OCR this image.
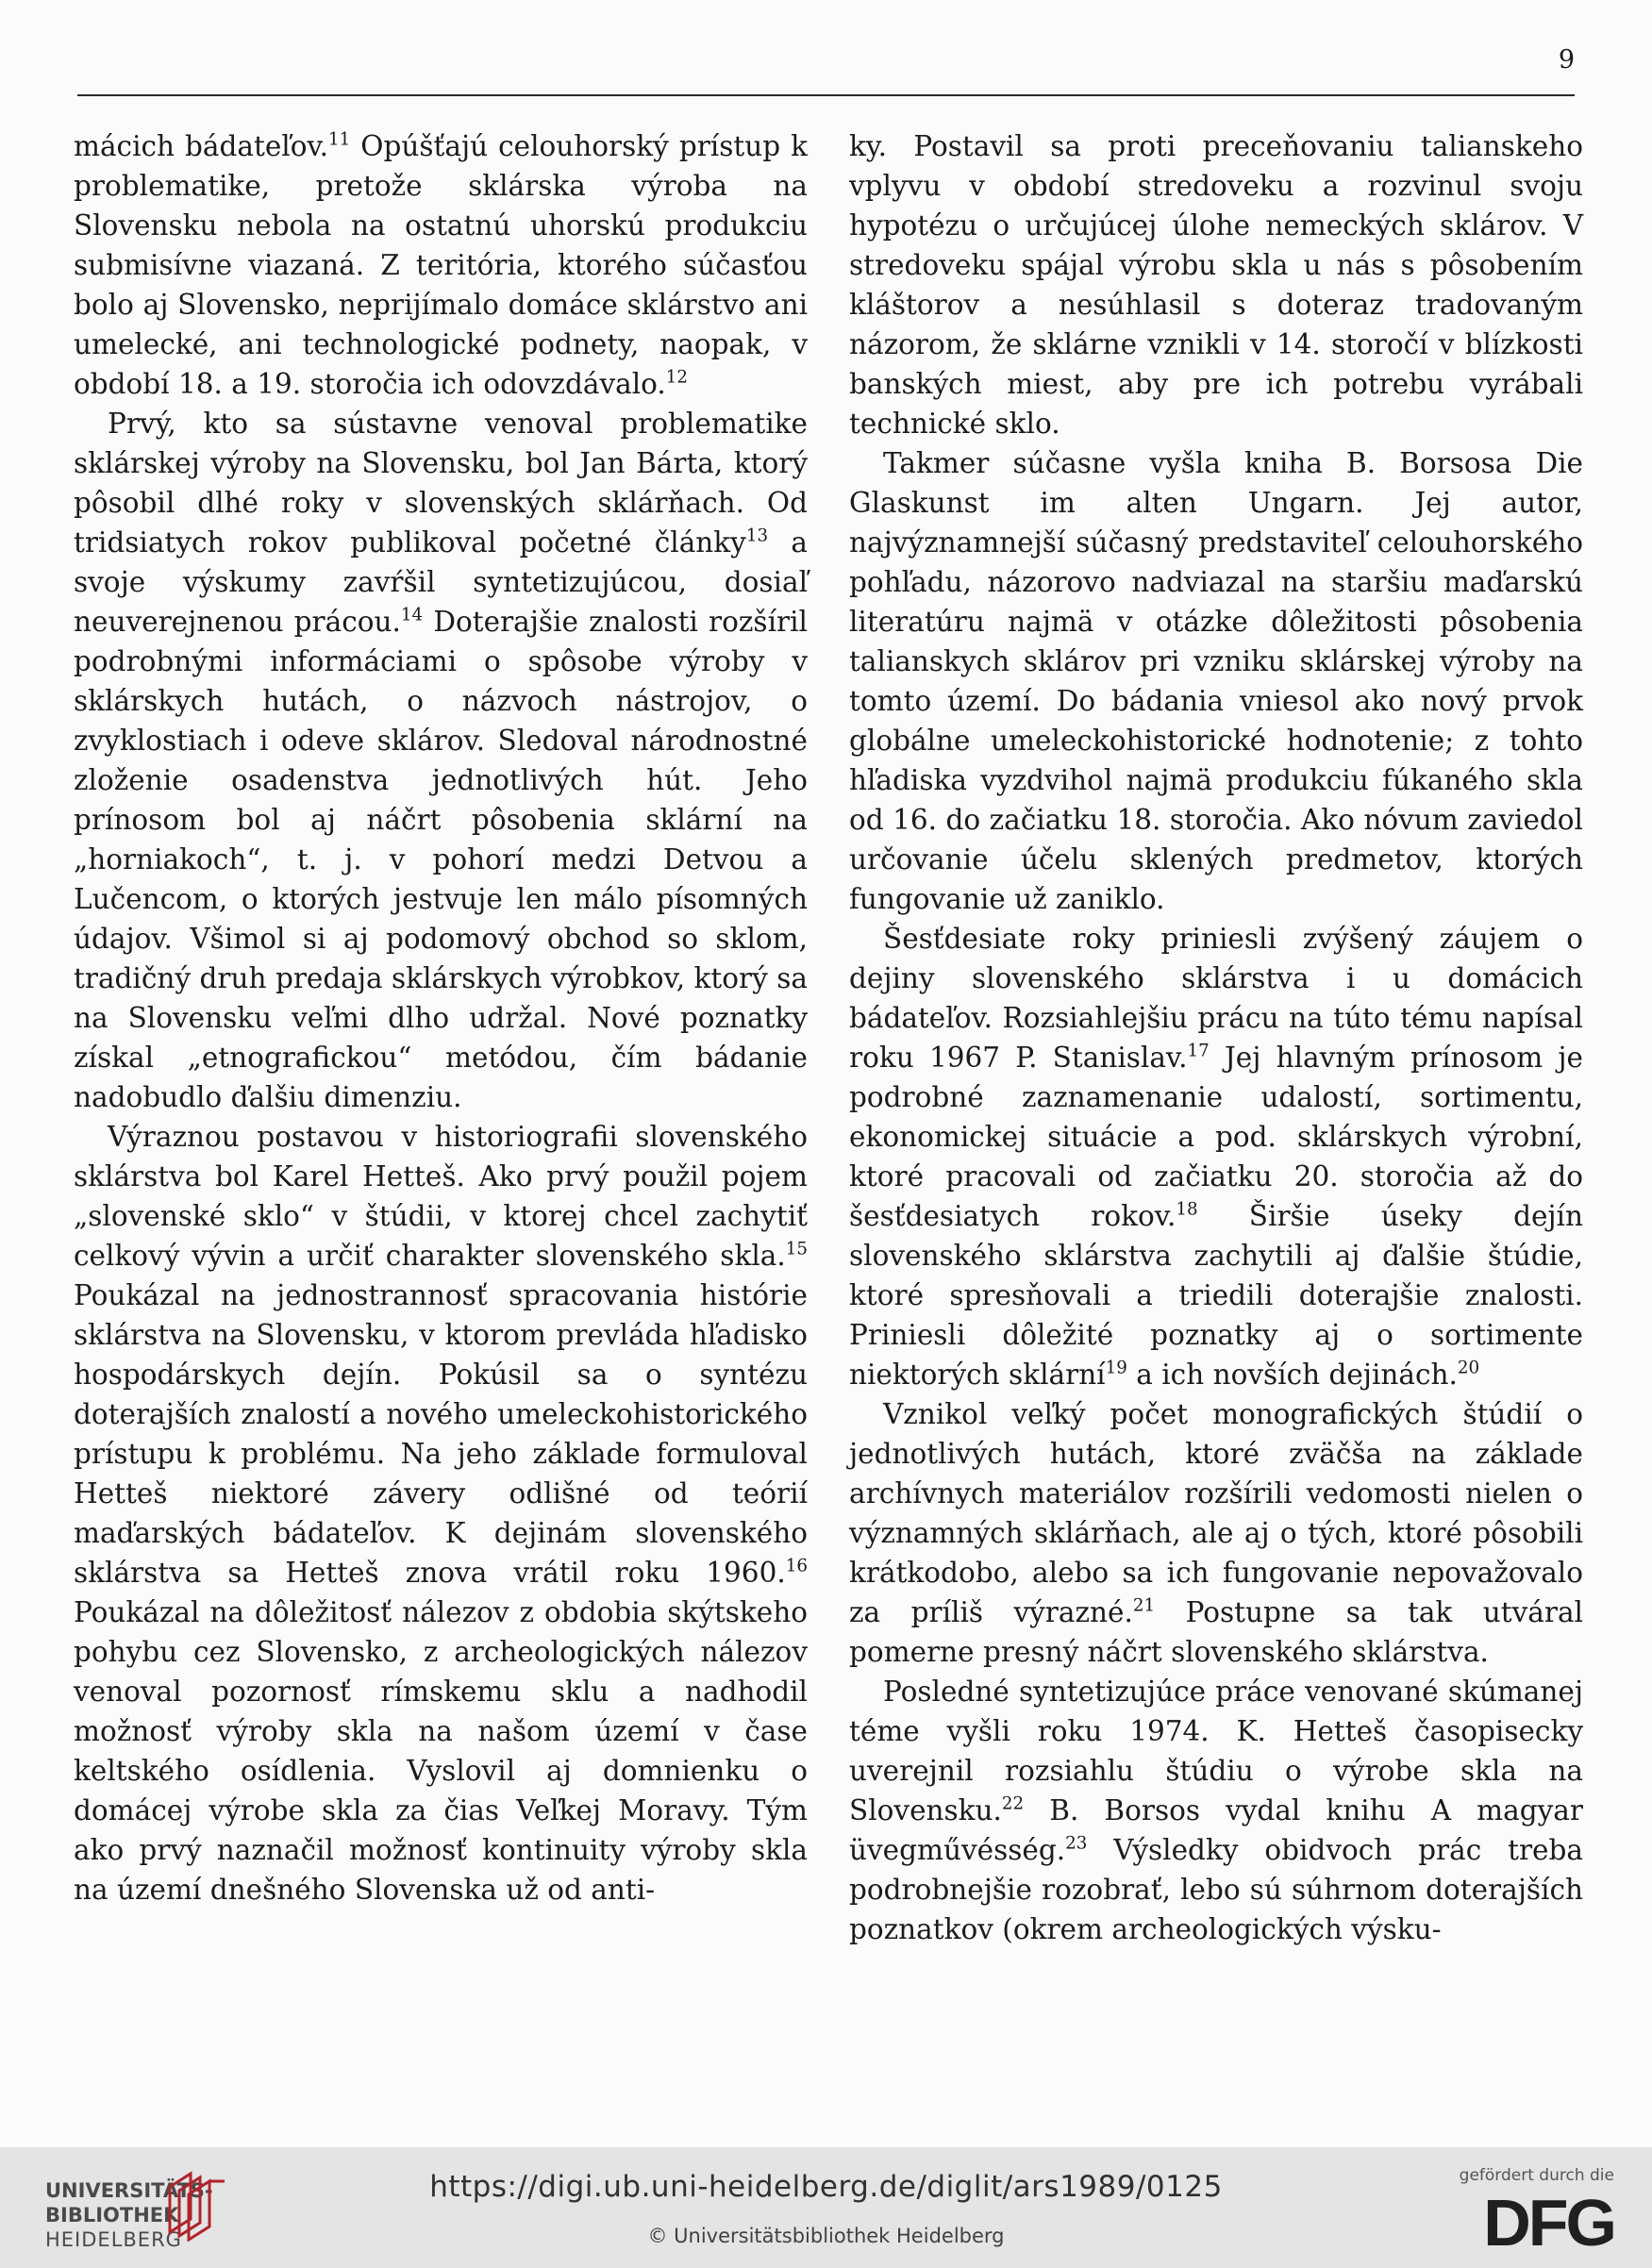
9

mácich bádateľov.$^{11}$ Opúšťajú celouhorský prístup k problematike, pretože sklárska výroba na Slovensku nebola na ostatnú uhorskú produkciu submisívne viazaná. Z teritória, ktorého súčasťou bolo aj Slovensko, neprijímalo domáce sklárstvo ani umelecké, ani technologické podnety, naopak, v období 18. a 19. storočia ich odovzdávalo.$^{12}$

Prvý, kto sa sústavne venoval problematike sklárskej výroby na Slovensku, bol Jan Bárta, ktorý pôsobil dlhé roky v slovenských sklárňach. Od tridsiatych rokov publikoval početné články$^{13}$ a svoje výskumy zavŕšil syntetizujúcou, dosiaľ neuverejnenou prácou.$^{14}$ Doterajšie znalosti rozšíril podrobnými informáciami o spôsobe výroby v sklárskych hutách, o názvoch nástrojov, o zvyklostiach i odeve sklárov. Sledoval národnostné zloženie osadenstva jednotlivých hút. Jeho prínosom bol aj náčrt pôsobenia sklární na „horniakoch“, t. j. v pohorí medzi Detvou a Lučencom, o ktorých jestvuje len málo písomných údajov. Všimol si aj podomový obchod so sklom, tradičný druh predaja sklárskych výrobkov, ktorý sa na Slovensku veľmi dlho udržal. Nové poznatky získal „etnografickou“ metódou, čím bádanie nadobudlo ďalšiu dimenziu.

Výraznou postavou v historiografii slovenského sklárstva bol Karel Hetteš. Ako prvý použil pojem „slovenské sklo“ v štúdii, v ktorej chcel zachytiť celkový vývin a určiť charakter slovenského skla.$^{15}$ Poukázal na jednostrannosť spracovania histórie sklárstva na Slovensku, v ktorom prevláda hľadisko hospodárskych dejín. Pokúsil sa o syntézu doterajších znalostí a nového umeleckohistorického prístupu k problému. Na jeho základe formuloval Hetteš niektoré závery odlišné od teórií maďarských bádateľov. K dejinám slovenského sklárstva sa Hetteš znova vrátil roku 1960.16 Poukázal na dôležitosť nálezov z obdobia skýtskeho pohybu cez Slovensko, z archeologických nálezov venoval pozornosť rímskemu sklu a nadhodil možnosť výroby skla na našom území v čase keltského osídlenia. Vyslovil aj domnienku o domácej výrobe skla za čias Veľkej Moravy. Tým ako prvý naznačil možnosť kontinuity výroby skla na území dnešného Slovenska už od anti-

ky. Postavil sa proti preceňovaniu talianskeho vplyvu v období stredoveku a rozvinul svoju hypotézu o určujúcej úlohe nemeckých sklárov. V stredoveku spájal výrobu skla u nás s pôsobením kláštorov a nesúhlasil s doteraz tradovaným názorom, že sklárne vznikli v 14. storočí v blízkosti banských miest, aby pre ich potrebu vyrábali technické sklo.

Takmer súčasne vyšla kniha B. Borsosa Die Glaskunst im alten Ungarn. Jej autor, najvýznamnejší súčasný predstaviteľ celouhorského pohľadu, názorovo nadviazal na staršiu maďarskú literatúru najmä v otázke dôležitosti pôsobenia talianskych sklárov pri vzniku sklárskej výroby na tomto území. Do bádania vniesol ako nový prvok globálne umeleckohistorické hodnotenie; z tohto hľadiska vyzdvihol najmä produkciu fúkaného skla od 16. do začiatku 18. storočia. Ako nóvum zaviedol určovanie účelu sklených predmetov, ktorých fungovanie už zaniklo.

Šesťdesiate roky priniesli zvýšený záujem o dejiny slovenského sklárstva i u domácich bádateľov. Rozsiahlejšiu prácu na túto tému napísal roku 1967 P. Stanislav.$^{17}$ Jej hlavným prínosom je podrobné zaznamenanie udalostí, sortimentu, ekonomickej situácie a pod. sklárskych výrobní, ktoré pracovali od začiatku 20. storočia až do šesťdesiatych rokov.$^{18}$ Širšie úseky dejín slovenského sklárstva zachytili aj ďalšie štúdie, ktoré spresňovali a triedili doterajšie znalosti. Priniesli dôležité poznatky aj o sortimente niektorých sklární$^{19}$ a ich novších dejinách.$^{20}$

Vznikol veľký počet monografických štúdií o jednotlivých hutách, ktoré zväčša na základe archívnych materiálov rozšírili vedomosti nielen o významných sklárňach, ale aj o tých, ktoré pôsobili krátkodobo, alebo sa ich fungovanie nepovažovalo za príliš výrazné.$^{21}$ Postupne sa tak utváral pomerne presný náčrt slovenského sklárstva.

Posledné syntetizujúce práce venované skúmanej téme vyšli roku 1974. K. Hetteš časopisecky uverejnil rozsiahlu štúdiu o výrobe skla na Slovensku.$^{22}$ B. Borsos vydal knihu A magyar üvegművésség.$^{23}$ Výsledky obidvoch prác treba podrobnejšie rozobrať, lebo sú súhrnom doterajších poznatkov (okrem archeologických výsku-

UNIVERSITÄTS-
BIBLIOTHEK
HEIDELBERG
https://digi.ub.uni-heidelberg.de/diglit/ars1989/0125
© Universitätsbibliothek Heidelberg
gefördert durch die
DFG
